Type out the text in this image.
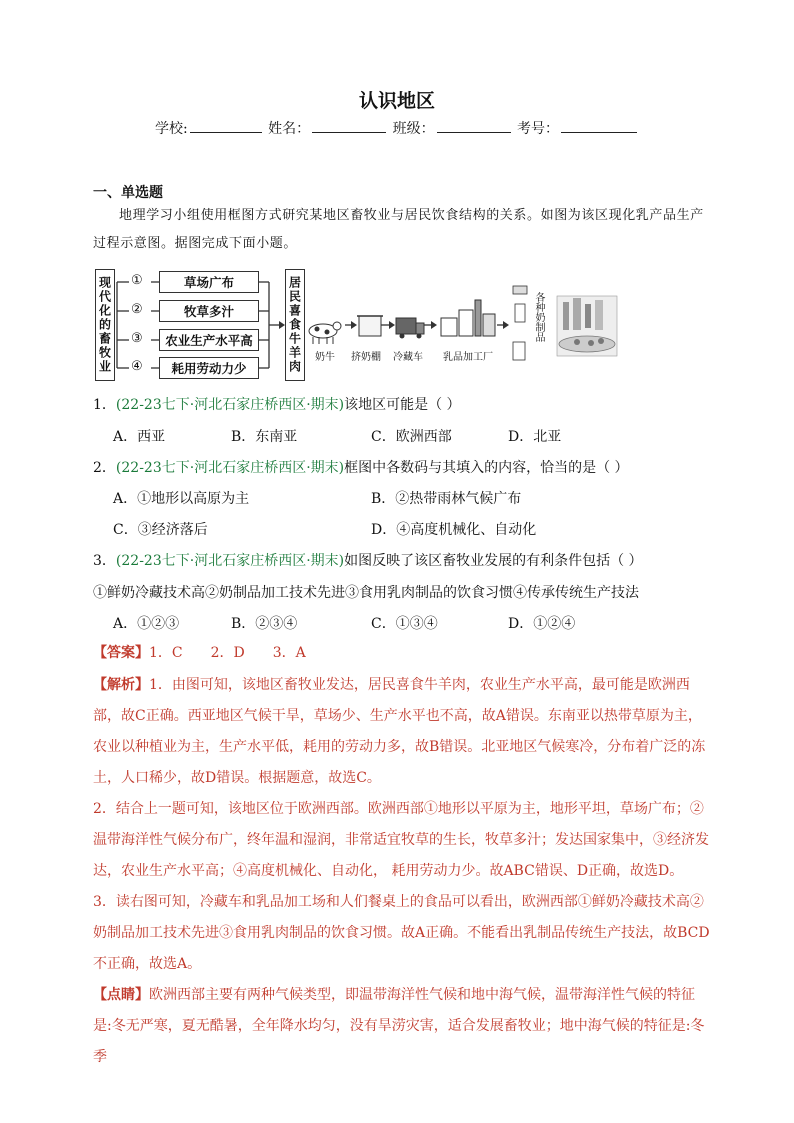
认识地区
学校:	姓名：	班级：	考号：
一、单选题
地理学习小组使用框图方式研究某地区畜牧业与居民饮食结构的关系。如图为该区现化乳产品生产过程示意图。据图完成下面小题。
现代化的畜牧业 ①
②
③
④
草场广布
牧草多汁
农业生产水平高
耗用劳动力少	居民喜食牛羊肉	奶牛 挤奶棚 冷藏车 乳品加工厂
各种奶制品
1．(22-23七下·河北石家庄桥西区·期末)该地区可能是（ ）
A．西亚	B．东南亚	C．欧洲西部	D．北亚
2．(22-23七下·河北石家庄桥西区·期末)框图中各数码与其填入的内容，恰当的是（ ）
A．①地形以高原为主	B．②热带雨林气候广布
C．③经济落后	D．④高度机械化、自动化
3．(22-23七下·河北石家庄桥西区·期末)如图反映了该区畜牧业发展的有利条件包括（ ）
①鲜奶冷藏技术高②奶制品加工技术先进③食用乳肉制品的饮食习惯④传承传统生产技法
A．①②③	B．②③④	C．①③④	D．①②④
【答案】1．C　　2．D　　3．A
【解析】1．由图可知，该地区畜牧业发达，居民喜食牛羊肉，农业生产水平高，最可能是欧洲西部，故C正确。西亚地区气候干旱，草场少、生产水平也不高，故A错误。东南亚以热带草原为主，农业以种植业为主，生产水平低，耗用的劳动力多，故B错误。北亚地区气候寒冷，分布着广泛的冻土，人口稀少，故D错误。根据题意，故选C。
2．结合上一题可知，该地区位于欧洲西部。欧洲西部①地形以平原为主，地形平坦，草场广布；②温带海洋性气候分布广，终年温和湿润，非常适宜牧草的生长，牧草多汁；发达国家集中，③经济发达，农业生产水平高；④高度机械化、自动化， 耗用劳动力少。故ABC错误、D正确，故选D。
3．读右图可知，冷藏车和乳品加工场和人们餐桌上的食品可以看出，欧洲西部①鲜奶冷藏技术高②奶制品加工技术先进③食用乳肉制品的饮食习惯。故A正确。不能看出乳制品传统生产技法，故BCD不正确，故选A。
【点睛】欧洲西部主要有两种气候类型，即温带海洋性气候和地中海气候，温带海洋性气候的特征是:冬无严寒，夏无酷暑，全年降水均匀，没有旱涝灾害，适合发展畜牧业；地中海气候的特征是:冬季
